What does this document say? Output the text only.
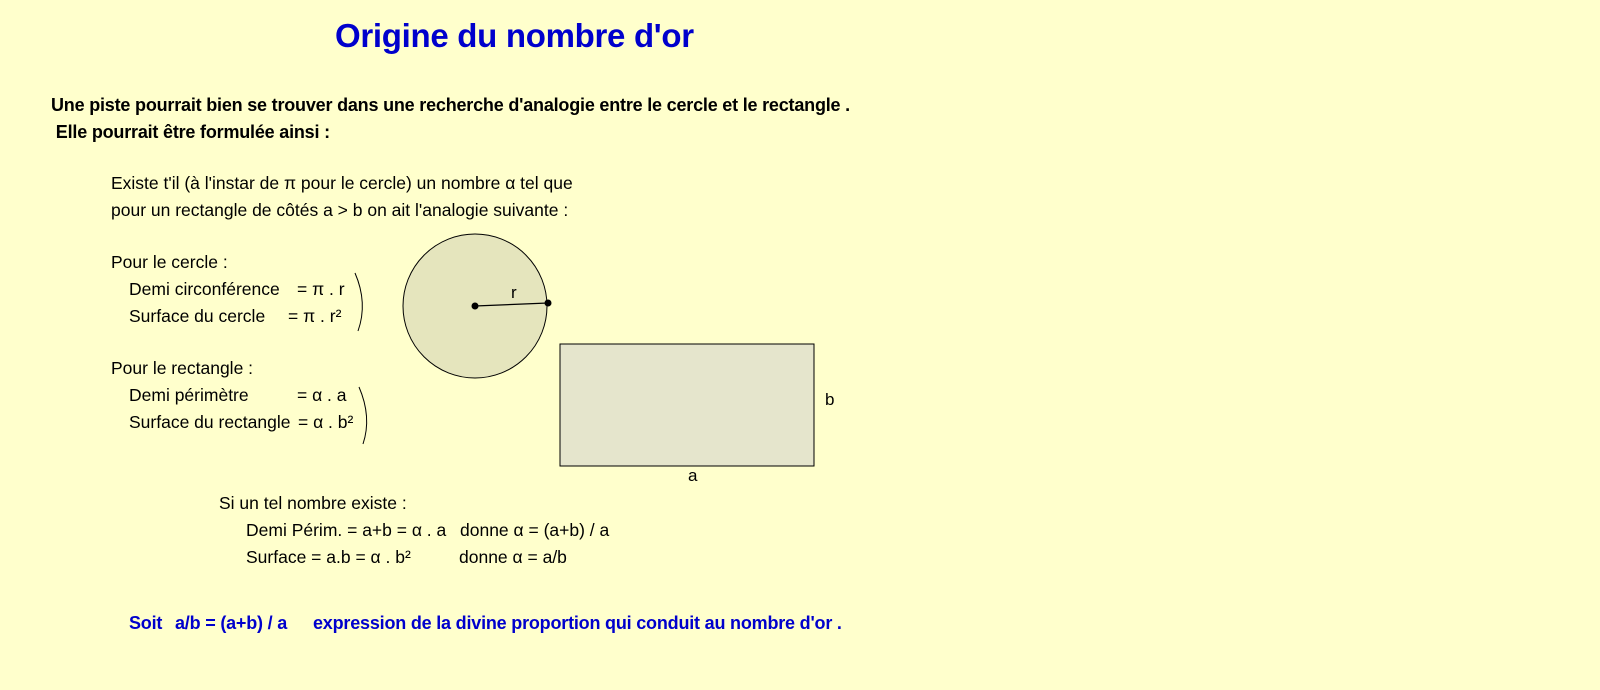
Origine du nombre d'or
Une piste pourrait bien se trouver dans une recherche d'analogie entre le cercle et le rectangle .
Elle pourrait être formulée ainsi :
Existe t'il (à l'instar de π pour le cercle) un nombre α tel que
pour un rectangle de côtés a > b on ait l'analogie suivante :
Pour le cercle :
Demi circonférence = π . r
Surface du cercle = π . r²
Pour le rectangle :
Demi périmètre	= α . a
Surface du rectangle = α . b²
r
a
b
Si un tel nombre existe :
Demi Périm. = a+b = α . a donne α = (a+b) / a
Surface = a.b = α . b²	donne α = a/b
Soit a/b = (a+b) / a expression de la divine proportion qui conduit au nombre d'or .
